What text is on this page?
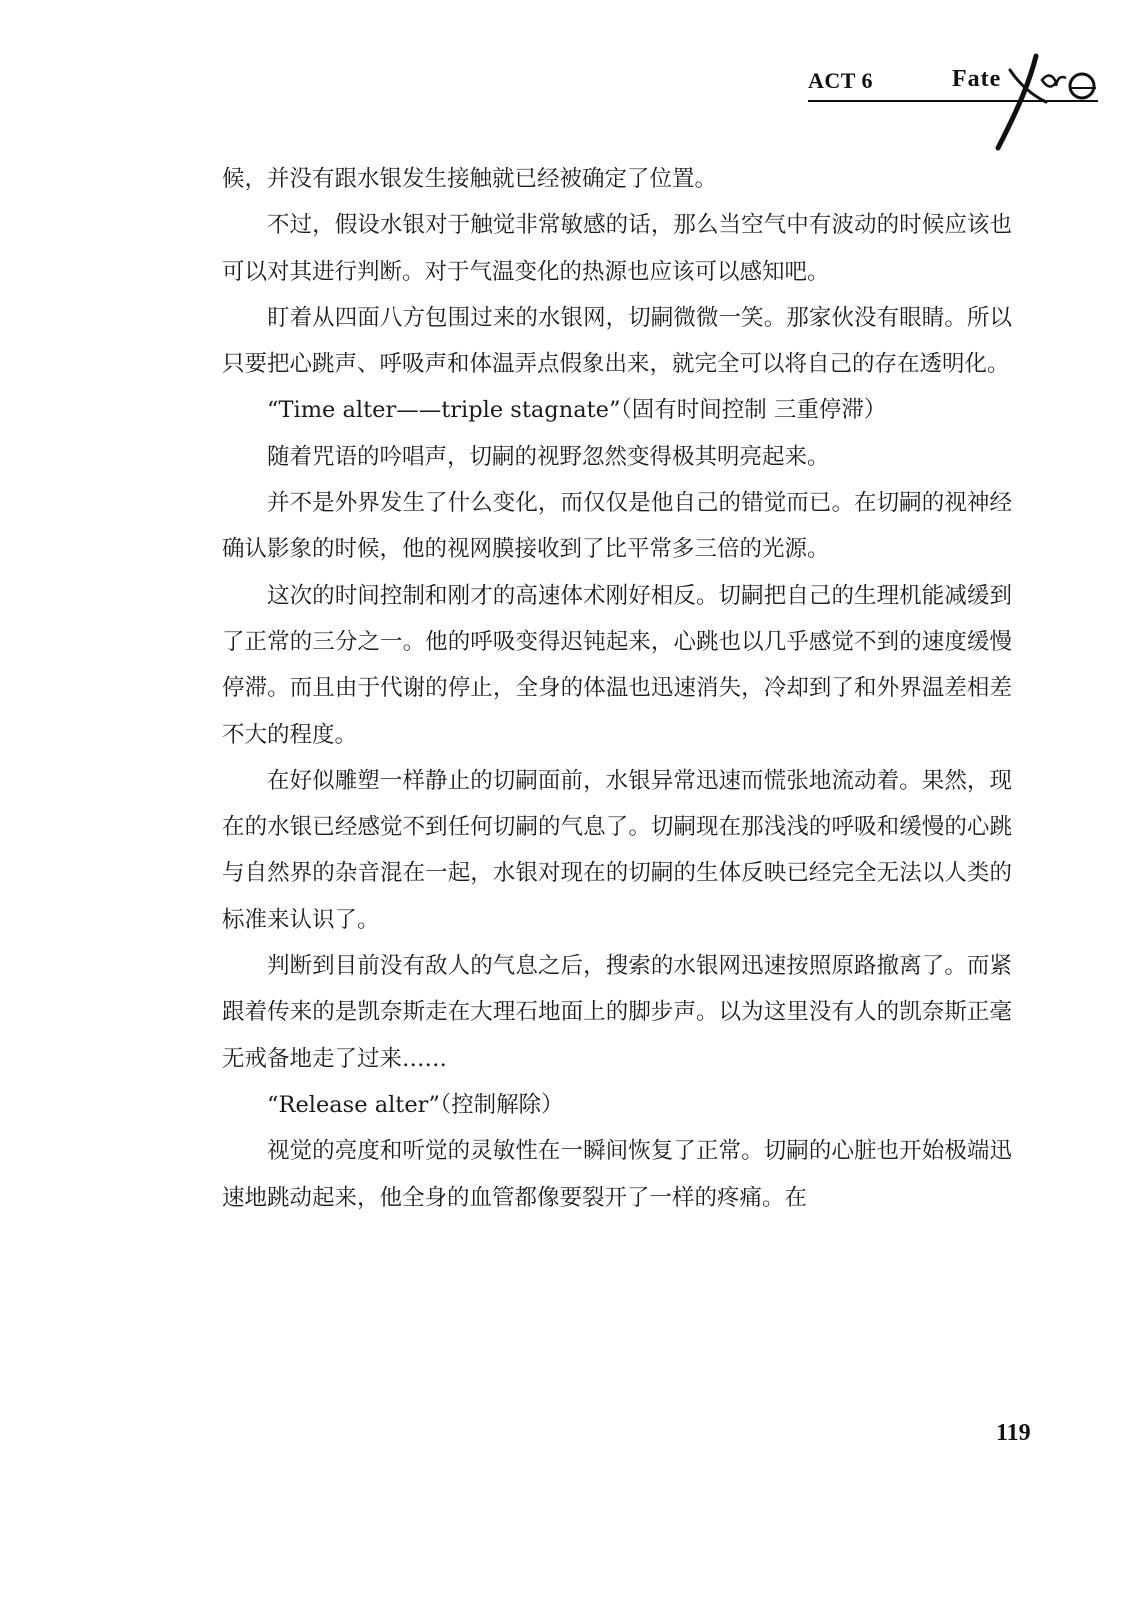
ACT 6	Fate

候，并没有跟水银发生接触就已经被确定了位置。

不过，假设水银对于触觉非常敏感的话，那么当空气中有波动的时候应该也可以对其进行判断。对于气温变化的热源也应该可以感知吧。

盯着从四面八方包围过来的水银网，切嗣微微一笑。那家伙没有眼睛。所以只要把心跳声、呼吸声和体温弄点假象出来，就完全可以将自己的存在透明化。

“Time alter——triple stagnate”（固有时间控制 三重停滞）

随着咒语的吟唱声，切嗣的视野忽然变得极其明亮起来。

并不是外界发生了什么变化，而仅仅是他自己的错觉而已。在切嗣的视神经确认影象的时候，他的视网膜接收到了比平常多三倍的光源。

这次的时间控制和刚才的高速体术刚好相反。切嗣把自己的生理机能减缓到了正常的三分之一。他的呼吸变得迟钝起来，心跳也以几乎感觉不到的速度缓慢停滞。而且由于代谢的停止，全身的体温也迅速消失，冷却到了和外界温差相差不大的程度。

在好似雕塑一样静止的切嗣面前，水银异常迅速而慌张地流动着。果然，现在的水银已经感觉不到任何切嗣的气息了。切嗣现在那浅浅的呼吸和缓慢的心跳与自然界的杂音混在一起，水银对现在的切嗣的生体反映已经完全无法以人类的标准来认识了。

判断到目前没有敌人的气息之后，搜索的水银网迅速按照原路撤离了。而紧跟着传来的是凯奈斯走在大理石地面上的脚步声。以为这里没有人的凯奈斯正毫无戒备地走了过来……

“Release alter”（控制解除）

视觉的亮度和听觉的灵敏性在一瞬间恢复了正常。切嗣的心脏也开始极端迅速地跳动起来，他全身的血管都像要裂开了一样的疼痛。在

119
